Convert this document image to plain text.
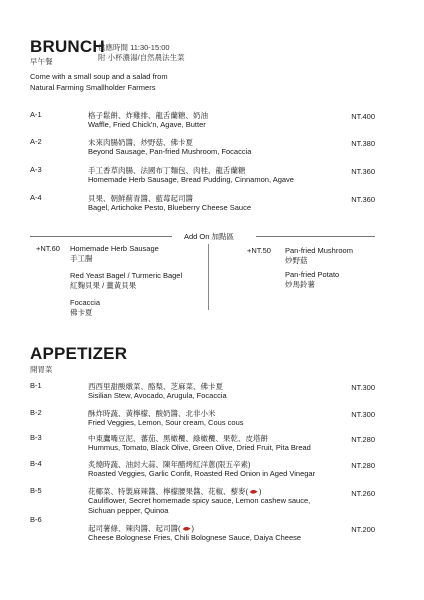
BRUNCH
早午餐
供應時間 11:30-15:00
附 小杯濃湯/自然農法生菜
Come with a small soup and a salad from
Natural Farming Smallholder Farmers
A-1	格子鬆餅、炸雞排、龍舌蘭糖、奶油
Waffle, Fried Chick'n, Agave, Butter
NT.400
A-2	未來肉腸奶醬、炒野菇、佛卡夏
Beyond Sausage, Pan-fried Mushroom, Focaccia
NT.380
A-3	手工香草肉腸、法國布丁麵包、肉桂、龍舌蘭糖
Homemade Herb Sausage, Bread Pudding, Cinnamon, Agave
NT.360
A-4	貝果、朝鮮薊青醬、藍莓起司醬
Bagel, Artichoke Pesto, Blueberry Cheese Sauce
NT.360
Add On 加點區
+NT.60 Homemade Herb Sausage
手工腸
Red Yeast Bagel / Turmeric Bagel
紅麴貝果 / 薑黃貝果
Focaccia
佛卡夏
+NT.50 Pan-fried Mushroom
炒野菇
Pan-fried Potato
炒馬鈴薯
APPETIZER
開胃菜
B-1	西西里甜酸燉菜、酪梨、芝麻菜、佛卡夏
Sisilian Stew, Avocado, Arugula, Focaccia
NT.300
B-2	酥炸時蔬、黃檸檬、酸奶醬、北非小米
Fried Veggies, Lemon, Sour cream, Cous cous
NT.300
B-3	中東鷹嘴豆泥、蕃茄、黑橄欖、綠橄欖、果乾、皮塔餅
Hummus, Tomato, Black Olive, Green Olive, Dried Fruit, Pita Bread
NT.280
B-4	炙燒時蔬、油封大蒜、陳年醋烤紅洋蔥(限五辛素)
Roasted Veggies, Garlic Confit, Roasted Red Onion in Aged Vinegar
NT.280
B-5	花椰菜、特製麻辣醬、檸檬腰果醬、花椒、藜麥( )
Cauliflower, Secret homemade spicy sauce, Lemon cashew sauce,
Sichuan pepper, Quinoa
NT.260
B-6
起司薯條、辣肉醬、起司醬( )
Cheese Bolognese Fries, Chili Bolognese Sauce, Daiya Cheese
NT.200
